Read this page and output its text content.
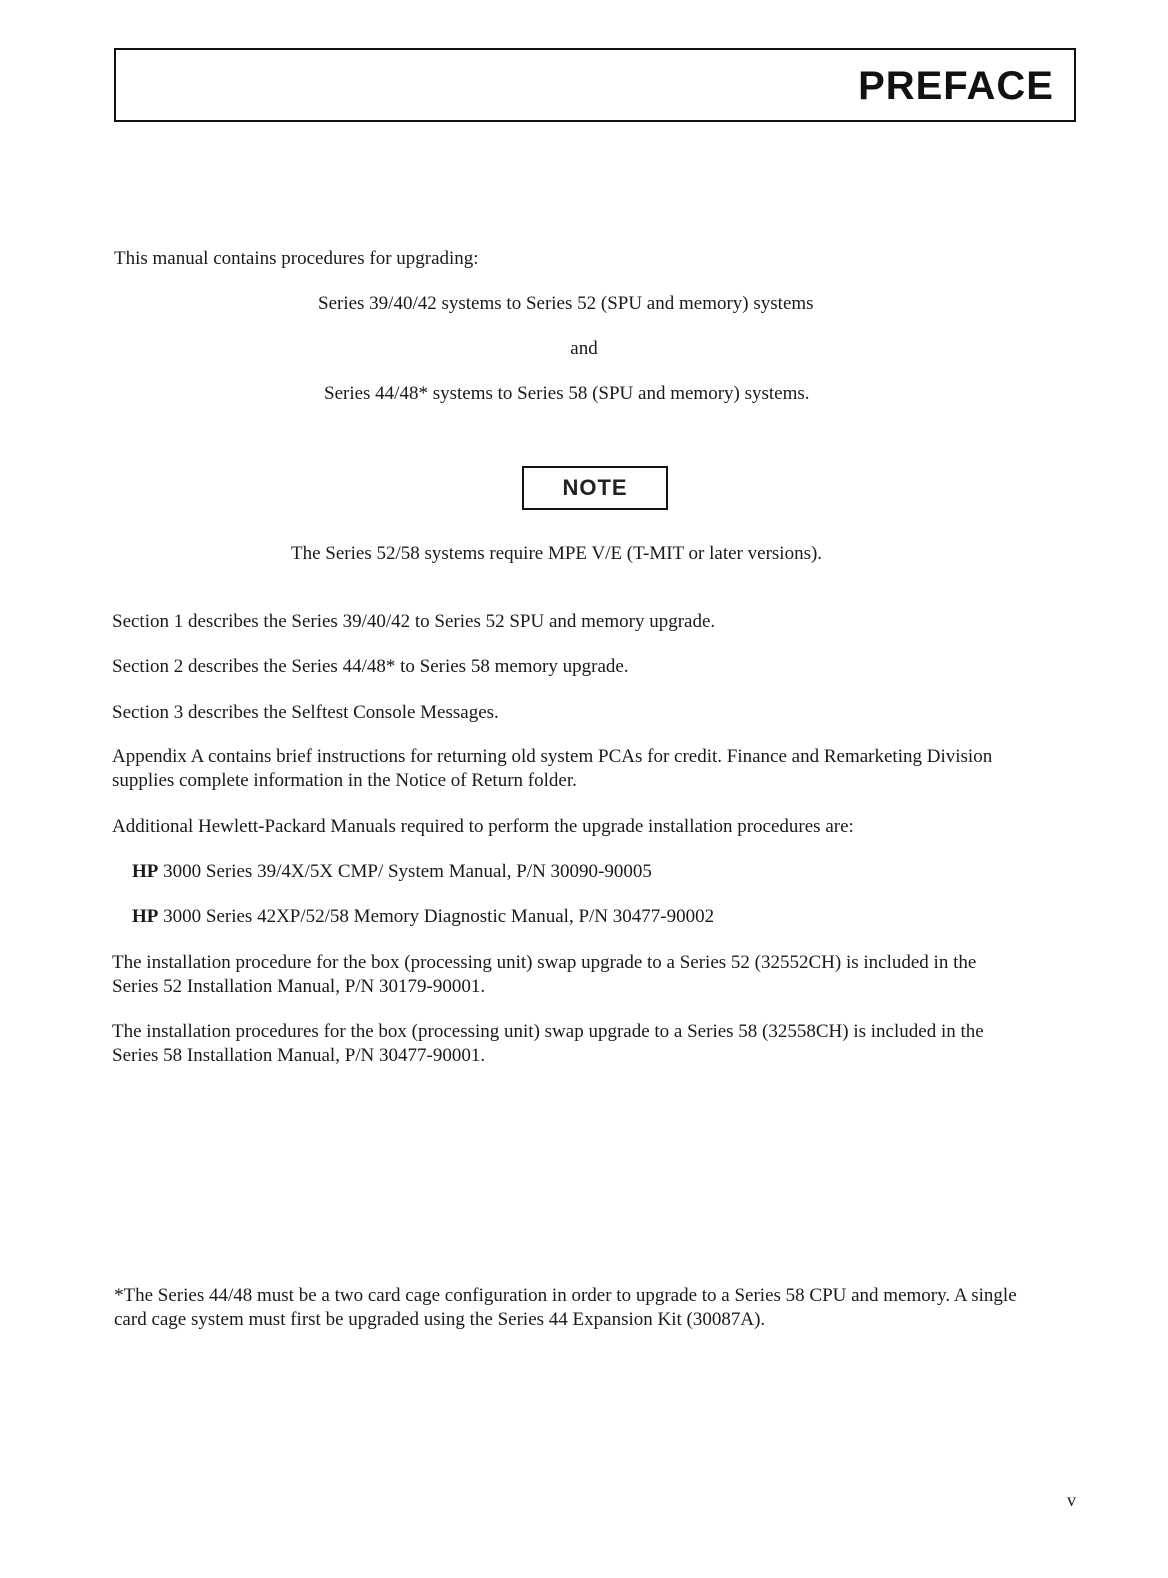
PREFACE
This manual contains procedures for upgrading:
Series 39/40/42 systems to Series 52 (SPU and memory) systems
and
Series 44/48* systems to Series 58 (SPU and memory) systems.
NOTE
The Series 52/58 systems require MPE V/E (T-MIT or later versions).
Section 1 describes the Series 39/40/42 to Series 52 SPU and memory upgrade.
Section 2 describes the Series 44/48* to Series 58 memory upgrade.
Section 3 describes the Selftest Console Messages.
Appendix A contains brief instructions for returning old system PCAs for credit. Finance and Remarketing Division
supplies complete information in the Notice of Return folder.
Additional Hewlett-Packard Manuals required to perform the upgrade installation procedures are:
HP 3000 Series 39/4X/5X CMP/ System Manual, P/N 30090-90005
HP 3000 Series 42XP/52/58 Memory Diagnostic Manual, P/N 30477-90002
The installation procedure for the box (processing unit) swap upgrade to a Series 52 (32552CH) is included in the
Series 52 Installation Manual, P/N 30179-90001.
The installation procedures for the box (processing unit) swap upgrade to a Series 58 (32558CH) is included in the
Series 58 Installation Manual, P/N 30477-90001.
*The Series 44/48 must be a two card cage configuration in order to upgrade to a Series 58 CPU and memory. A single
card cage system must first be upgraded using the Series 44 Expansion Kit (30087A).
v
